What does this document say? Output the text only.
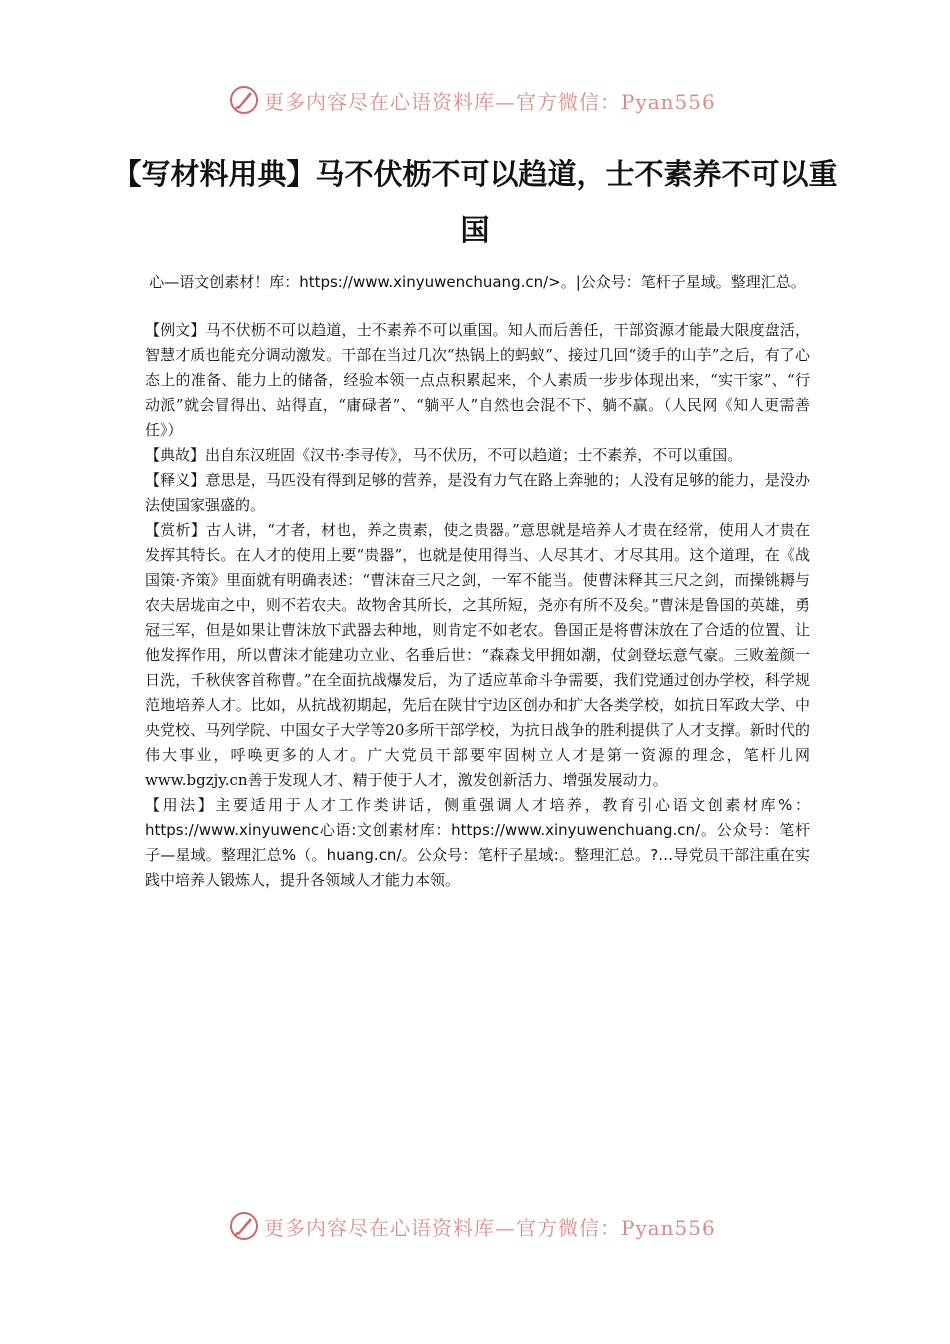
更多内容尽在心语资料库—官方微信：Pyan556
【写材料用典】马不伏枥不可以趋道，士不素养不可以重国
心—语文创素材！库：https://www.xinyuwenchuang.cn/>。|公众号：笔杆子星域。整理汇总。

【例文】马不伏枥不可以趋道，士不素养不可以重国。知人而后善任，干部资源才能最大限度盘活，智慧才质也能充分调动激发。干部在当过几次“热锅上的蚂蚁”、接过几回“烫手的山芋”之后，有了心态上的准备、能力上的储备，经验本领一点点积累起来，个人素质一步步体现出来，“实干家”、“行动派”就会冒得出、站得直，“庸碌者”、“躺平人”自然也会混不下、躺不赢。（人民网《知人更需善任》）

【典故】出自东汉班固《汉书·李寻传》，马不伏历，不可以趋道；士不素养，不可以重国。

【释义】意思是，马匹没有得到足够的营养，是没有力气在路上奔驰的；人没有足够的能力，是没办法使国家强盛的。

【赏析】古人讲，“才者，材也，养之贵素，使之贵器。”意思就是培养人才贵在经常，使用人才贵在发挥其特长。在人才的使用上要“贵器”，也就是使用得当、人尽其才、才尽其用。这个道理，在《战国策·齐策》里面就有明确表述：“曹沫奋三尺之剑，一军不能当。使曹沫释其三尺之剑，而操铫耨与农夫居垅亩之中，则不若农夫。故物舍其所长，之其所短，尧亦有所不及矣。”曹沫是鲁国的英雄，勇冠三军，但是如果让曹沫放下武器去种地，则肯定不如老农。鲁国正是将曹沫放在了合适的位置、让他发挥作用，所以曹沫才能建功立业、名垂后世：“森森戈甲拥如潮，仗剑登坛意气豪。三败羞颜一日洗，千秋侠客首称曹。”在全面抗战爆发后，为了适应革命斗争需要，我们党通过创办学校，科学规范地培养人才。比如，从抗战初期起，先后在陕甘宁边区创办和扩大各类学校，如抗日军政大学、中央党校、马列学院、中国女子大学等20多所干部学校，为抗日战争的胜利提供了人才支撑。新时代的伟大事业，呼唤更多的人才。广大党员干部要牢固树立人才是第一资源的理念，笔杆儿网www.bgzjy.cn善于发现人才、精于使于人才，激发创新活力、增强发展动力。

【用法】主要适用于人才工作类讲话，侧重强调人才培养，教育引心语文创素材库%：https://www.xinyuwenc心语:文创素材库：https://www.xinyuwenchuang.cn/。公众号：笔杆子—星域。整理汇总%（。huang.cn/。公众号：笔杆子星域:。整理汇总。?…导党员干部注重在实践中培养人锻炼人，提升各领域人才能力本领。

更多内容尽在心语资料库—官方微信：Pyan556
